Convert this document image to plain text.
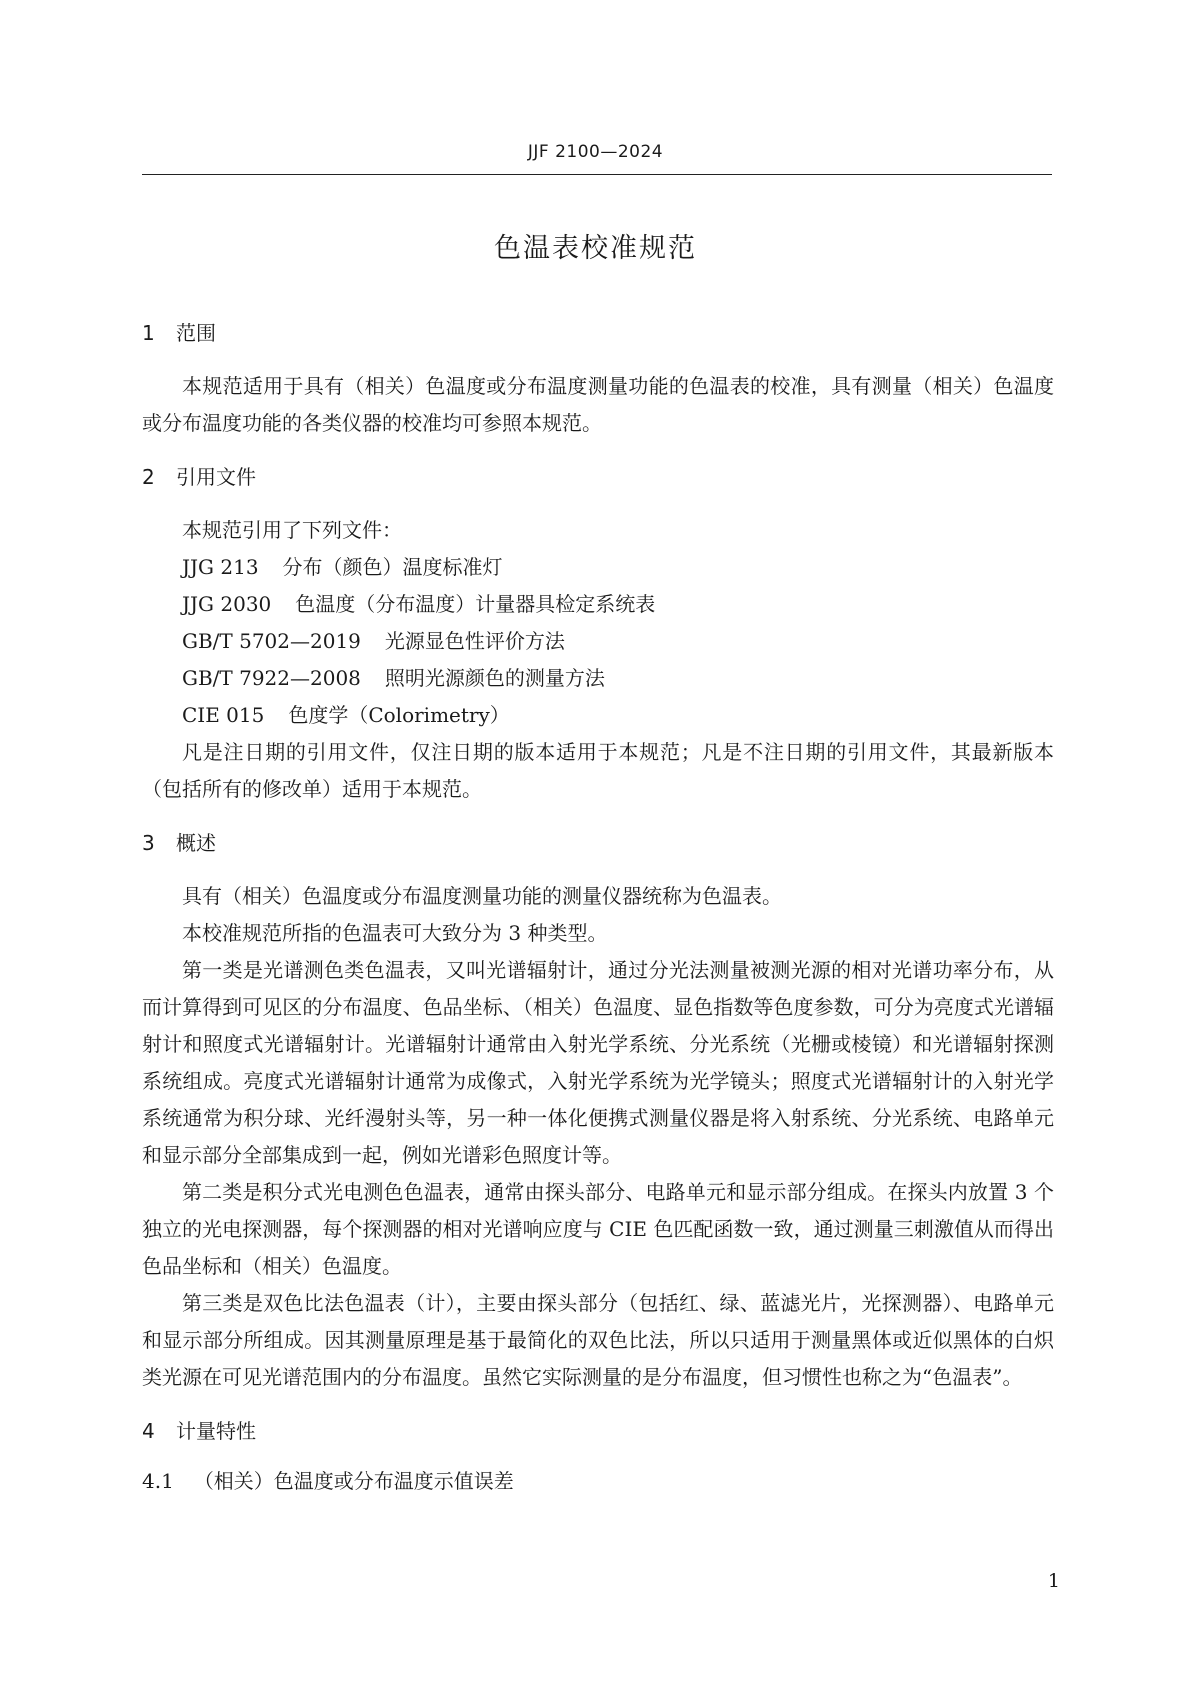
JJF 2100—2024
色温表校准规范
1	范围

本规范适用于具有（相关）色温度或分布温度测量功能的色温表的校准，具有测量（相关）色温度或分布温度功能的各类仪器的校准均可参照本规范。

2	引用文件

本规范引用了下列文件：

JJG 213 分布（颜色）温度标准灯
JJG 2030 色温度（分布温度）计量器具检定系统表
GB/T 5702—2019 光源显色性评价方法
GB/T 7922—2008 照明光源颜色的测量方法
CIE 015 色度学（Colorimetry）

凡是注日期的引用文件，仅注日期的版本适用于本规范；凡是不注日期的引用文件，其最新版本（包括所有的修改单）适用于本规范。

3	概述

具有（相关）色温度或分布温度测量功能的测量仪器统称为色温表。

本校准规范所指的色温表可大致分为 3 种类型。

第一类是光谱测色类色温表，又叫光谱辐射计，通过分光法测量被测光源的相对光谱功率分布，从而计算得到可见区的分布温度、色品坐标、（相关）色温度、显色指数等色度参数，可分为亮度式光谱辐射计和照度式光谱辐射计。光谱辐射计通常由入射光学系统、分光系统（光栅或棱镜）和光谱辐射探测系统组成。亮度式光谱辐射计通常为成像式，入射光学系统为光学镜头；照度式光谱辐射计的入射光学系统通常为积分球、光纤漫射头等，另一种一体化便携式测量仪器是将入射系统、分光系统、电路单元和显示部分全部集成到一起，例如光谱彩色照度计等。

第二类是积分式光电测色色温表，通常由探头部分、电路单元和显示部分组成。在探头内放置 3 个独立的光电探测器，每个探测器的相对光谱响应度与 CIE 色匹配函数一致，通过测量三刺激值从而得出色品坐标和（相关）色温度。

第三类是双色比法色温表（计），主要由探头部分（包括红、绿、蓝滤光片，光探测器）、电路单元和显示部分所组成。因其测量原理是基于最简化的双色比法，所以只适用于测量黑体或近似黑体的白炽类光源在可见光谱范围内的分布温度。虽然它实际测量的是分布温度，但习惯性也称之为“色温表”。

4	计量特性
4.1 （相关）色温度或分布温度示值误差
1
